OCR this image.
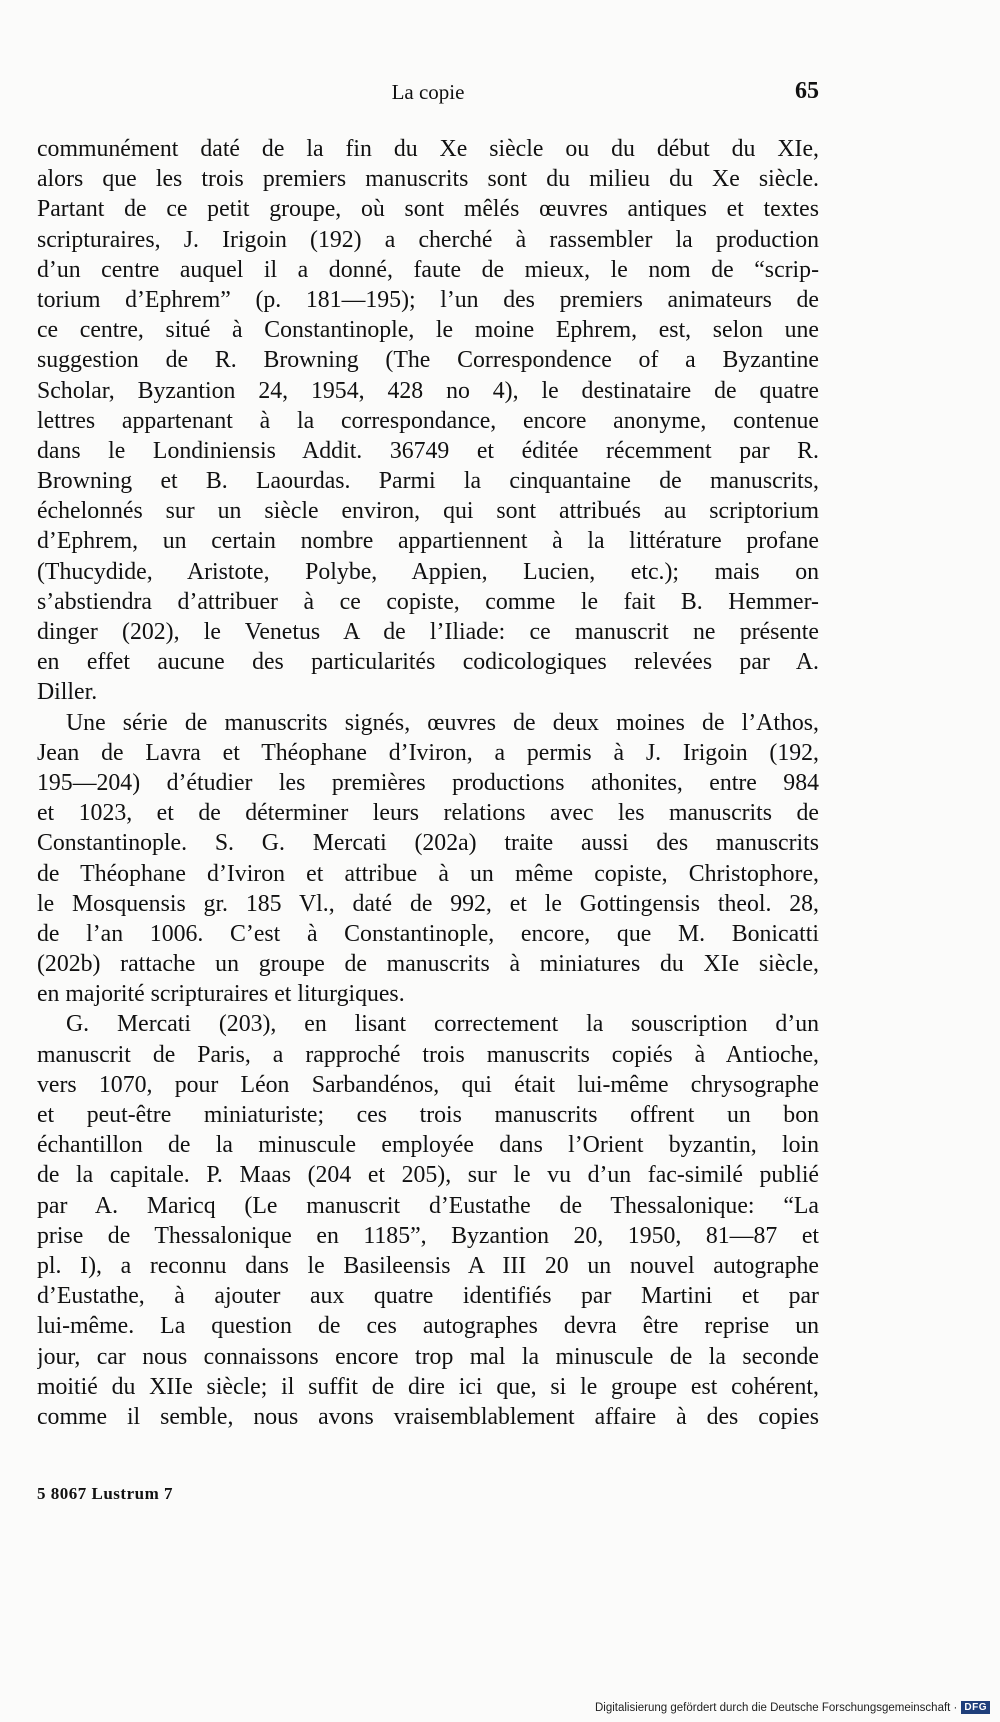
La copie	65
communément daté de la fin du Xe siècle ou du début du XIe,
alors que les trois premiers manuscrits sont du milieu du Xe siècle.
Partant de ce petit groupe, où sont mêlés œuvres antiques et textes
scripturaires, J. Irigoin (192) a cherché à rassembler la production
d’un centre auquel il a donné, faute de mieux, le nom de “scrip-
torium d’Ephrem” (p. 181—195); l’un des premiers animateurs de
ce centre, situé à Constantinople, le moine Ephrem, est, selon une
suggestion de R. Browning (The Correspondence of a Byzantine
Scholar, Byzantion 24, 1954, 428 no 4), le destinataire de quatre
lettres appartenant à la correspondance, encore anonyme, contenue
dans le Londiniensis Addit. 36749 et éditée récemment par R.
Browning et B. Laourdas. Parmi la cinquantaine de manuscrits,
échelonnés sur un siècle environ, qui sont attribués au scriptorium
d’Ephrem, un certain nombre appartiennent à la littérature profane
(Thucydide, Aristote, Polybe, Appien, Lucien, etc.); mais on
s’abstiendra d’attribuer à ce copiste, comme le fait B. Hemmer-
dinger (202), le Venetus A de l’Iliade: ce manuscrit ne présente
en effet aucune des particularités codicologiques relevées par A.
Diller.
Une série de manuscrits signés, œuvres de deux moines de l’Athos,
Jean de Lavra et Théophane d’Iviron, a permis à J. Irigoin (192,
195—204) d’étudier les premières productions athonites, entre 984
et 1023, et de déterminer leurs relations avec les manuscrits de
Constantinople. S. G. Mercati (202a) traite aussi des manuscrits
de Théophane d’Iviron et attribue à un même copiste, Christophore,
le Mosquensis gr. 185 Vl., daté de 992, et le Gottingensis theol. 28,
de l’an 1006. C’est à Constantinople, encore, que M. Bonicatti
(202b) rattache un groupe de manuscrits à miniatures du XIe siècle,
en majorité scripturaires et liturgiques.
G. Mercati (203), en lisant correctement la souscription d’un
manuscrit de Paris, a rapproché trois manuscrits copiés à Antioche,
vers 1070, pour Léon Sarbandénos, qui était lui-même chrysographe
et peut-être miniaturiste; ces trois manuscrits offrent un bon
échantillon de la minuscule employée dans l’Orient byzantin, loin
de la capitale. P. Maas (204 et 205), sur le vu d’un fac-similé publié
par A. Maricq (Le manuscrit d’Eustathe de Thessalonique: “La
prise de Thessalonique en 1185”, Byzantion 20, 1950, 81—87 et
pl. I), a reconnu dans le Basileensis A III 20 un nouvel autographe
d’Eustathe, à ajouter aux quatre identifiés par Martini et par
lui-même. La question de ces autographes devra être reprise un
jour, car nous connaissons encore trop mal la minuscule de la seconde
moitié du XIIe siècle; il suffit de dire ici que, si le groupe est cohérent,
comme il semble, nous avons vraisemblablement affaire à des copies
5 8067 Lustrum 7
Digitalisierung gefördert durch die Deutsche Forschungsgemeinschaft · DFG
